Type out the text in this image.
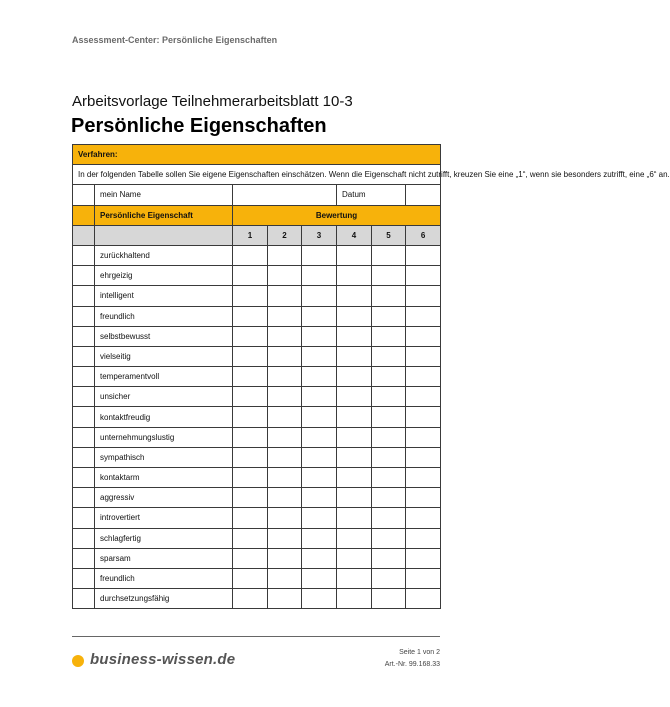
Assessment-Center: Persönliche Eigenschaften
Arbeitsvorlage Teilnehmerarbeitsblatt 10-3
Persönliche Eigenschaften
Verfahren:							
In der folgenden Tabelle sollen Sie eigene Eigenschaften einschätzen. Wenn die Eigenschaft nicht zutrifft, kreuzen Sie eine „1“, wenn sie besonders zutrifft, eine „6“ an.							
	mein Name				Datum		
	Persönliche Eigenschaft	Bewertung					
		1	2	3	4	5	6
	zurückhaltend						
	ehrgeizig						
	intelligent						
	freundlich						
	selbstbewusst						
	vielseitig						
	temperamentvoll						
	unsicher						
	kontaktfreudig						
	unternehmungslustig						
	sympathisch						
	kontaktarm						
	aggressiv						
	introvertiert						
	schlagfertig						
	sparsam						
	freundlich						
	durchsetzungsfähig						
business-wissen.de	Seite 1 von 2
Art.-Nr. 99.168.33
